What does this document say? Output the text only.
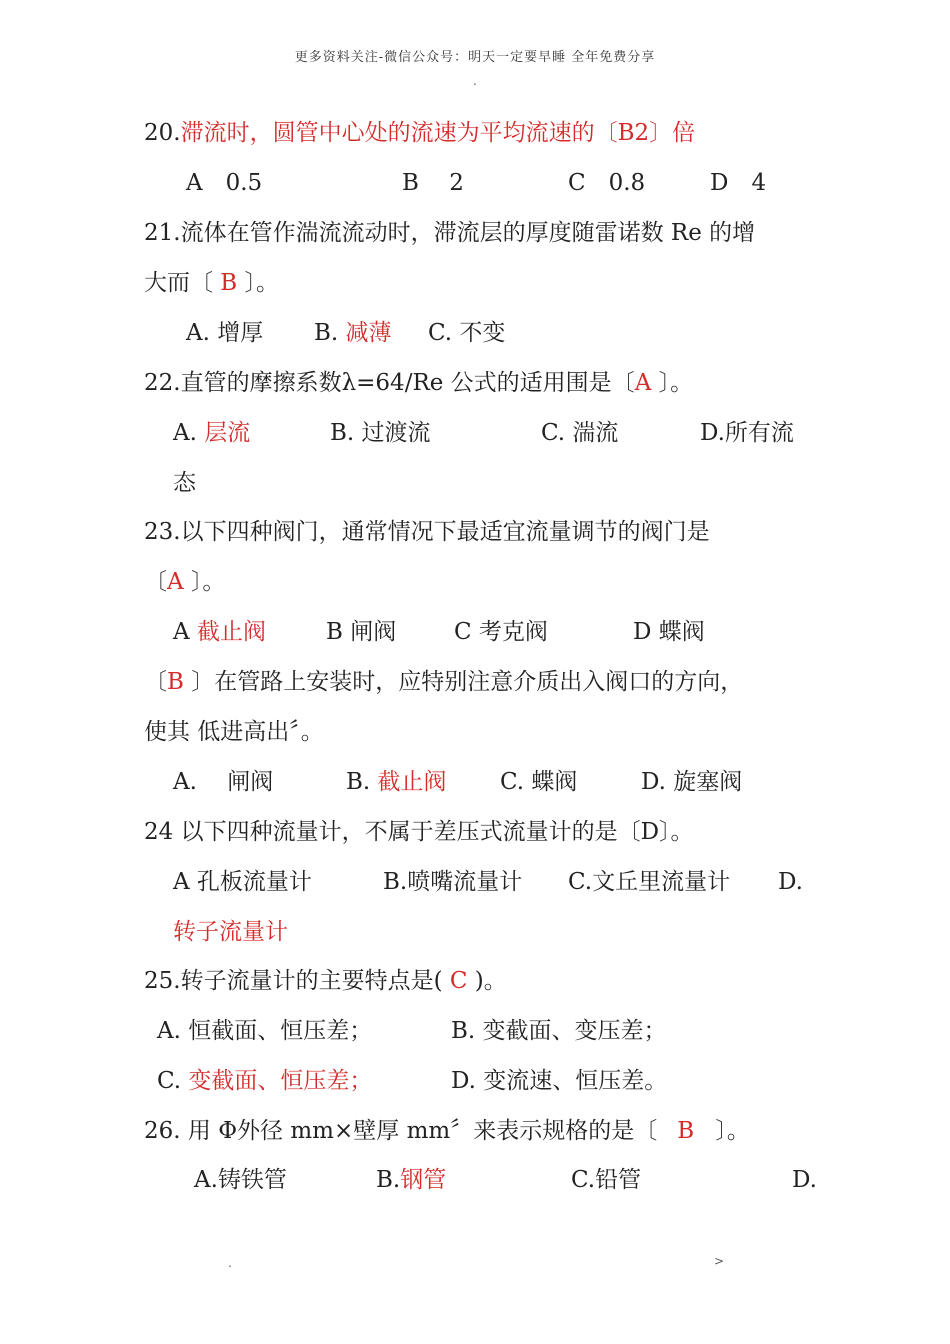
更多资料关注-微信公众号：明天一定要早睡 全年免费分享
.
20.滞流时，圆管中心处的流速为平均流速的〔B2〕倍
A　0.5	B　 2	C　0.8	D　4
21.流体在管作湍流流动时，滞流层的厚度随雷诺数 Re 的增
大而〔 B 〕。
A. 增厚 B. 减薄 C. 不变
22.直管的摩擦系数λ=64/Re 公式的适用围是〔A 〕。
A. 层流	B. 过渡流	C. 湍流	D.所有流
态
23.以下四种阀门，通常情况下最适宜流量调节的阀门是
〔A 〕。
A 截止阀	B 闸阀	C 考克阀	D 蝶阀
〔B 〕在管路上安装时，应特别注意介质出入阀口的方向，
使其 低进高出〞。
A.　 闸阀	B. 截止阀 C. 蝶阀	D. 旋塞阀
24 以下四种流量计，不属于差压式流量计的是〔D〕。
A 孔板流量计	B.喷嘴流量计 C.文丘里流量计 D.
转子流量计
25.转子流量计的主要特点是( C )。
A. 恒截面、恒压差；	B. 变截面、变压差；
C. 变截面、恒压差；	D. 变流速、恒压差。
26. 用 Φ外径 mm×壁厚 mm〞来表示规格的是〔 B 〕。
A.铸铁管	B.钢管	C.铅管	D.
.	>
